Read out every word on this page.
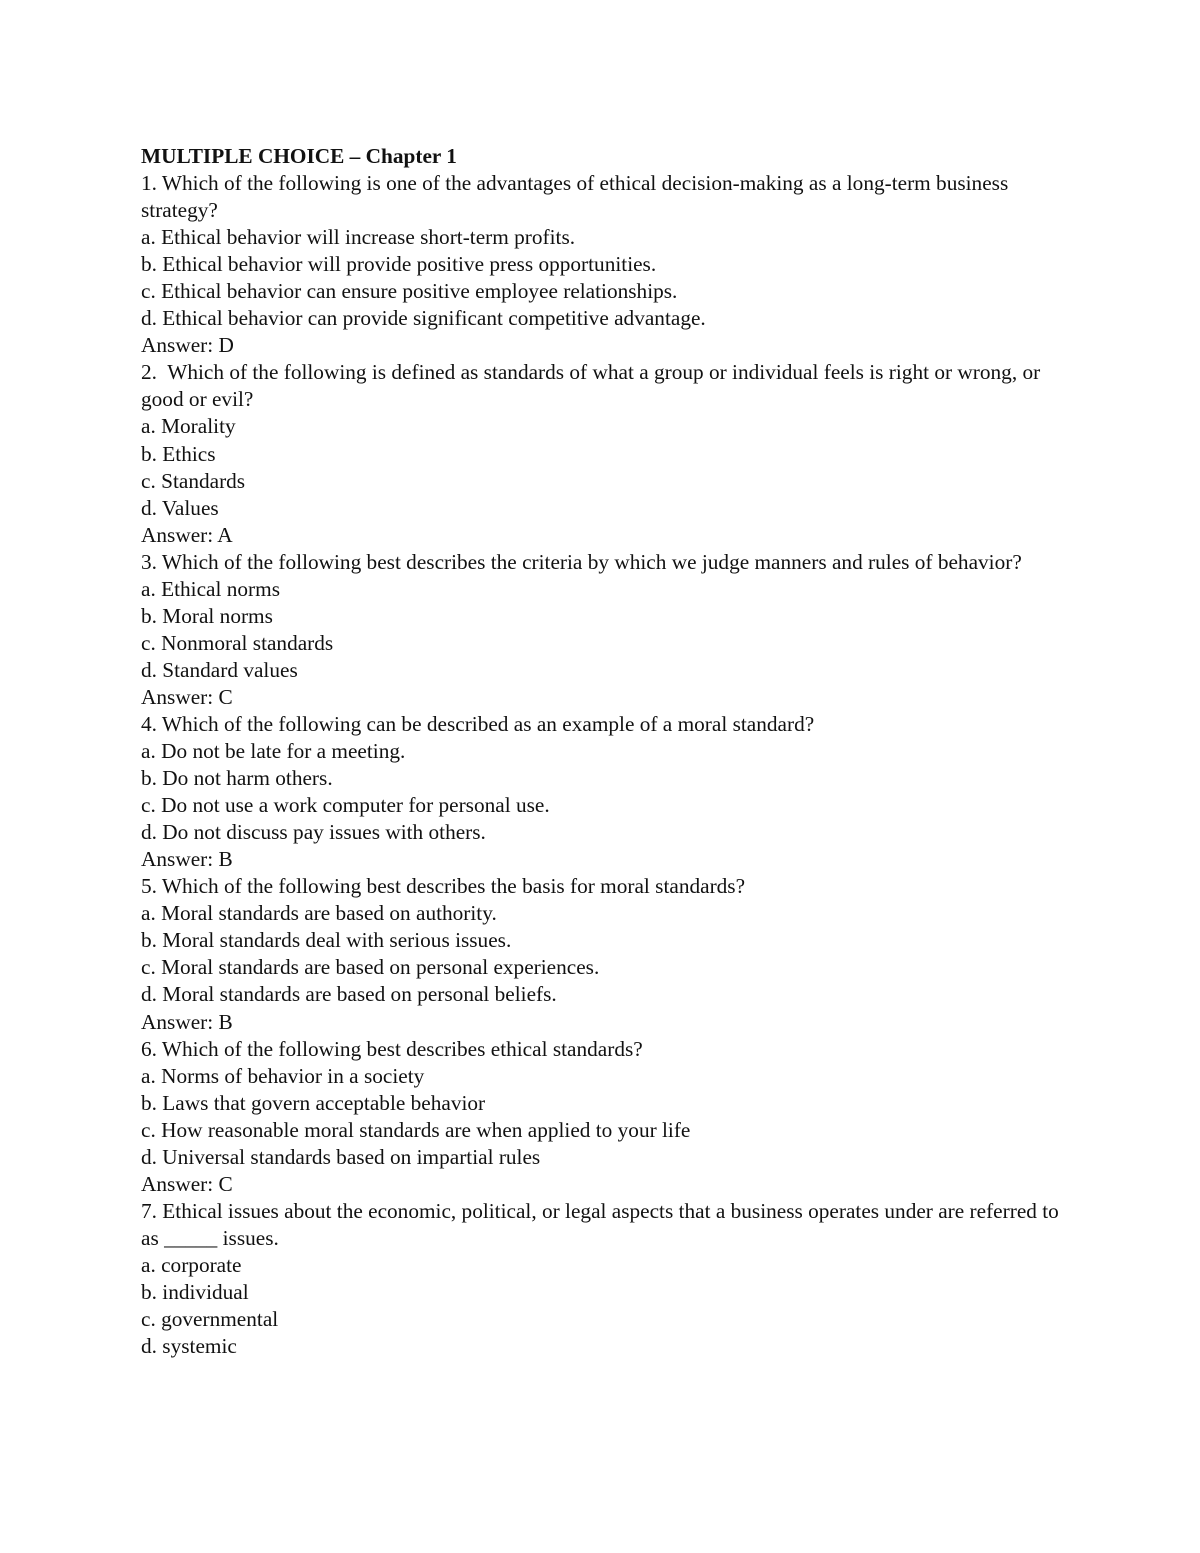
MULTIPLE CHOICE – Chapter 1

1. Which of the following is one of the advantages of ethical decision-making as a long-term business strategy?

a. Ethical behavior will increase short-term profits.

b. Ethical behavior will provide positive press opportunities.

c. Ethical behavior can ensure positive employee relationships.

d. Ethical behavior can provide significant competitive advantage.

Answer: D

2.  Which of the following is defined as standards of what a group or individual feels is right or wrong, or good or evil?

a. Morality

b. Ethics

c. Standards

d. Values

Answer: A

3. Which of the following best describes the criteria by which we judge manners and rules of behavior?

a. Ethical norms

b. Moral norms

c. Nonmoral standards

d. Standard values

Answer: C

4. Which of the following can be described as an example of a moral standard?

a. Do not be late for a meeting.

b. Do not harm others.

c. Do not use a work computer for personal use.

d. Do not discuss pay issues with others.

Answer: B

5. Which of the following best describes the basis for moral standards?

a. Moral standards are based on authority.

b. Moral standards deal with serious issues.

c. Moral standards are based on personal experiences.

d. Moral standards are based on personal beliefs.

Answer: B

6. Which of the following best describes ethical standards?

a. Norms of behavior in a society

b. Laws that govern acceptable behavior

c. How reasonable moral standards are when applied to your life

d. Universal standards based on impartial rules

Answer: C

7. Ethical issues about the economic, political, or legal aspects that a business operates under are referred to as _____ issues.

a. corporate

b. individual

c. governmental

d. systemic
